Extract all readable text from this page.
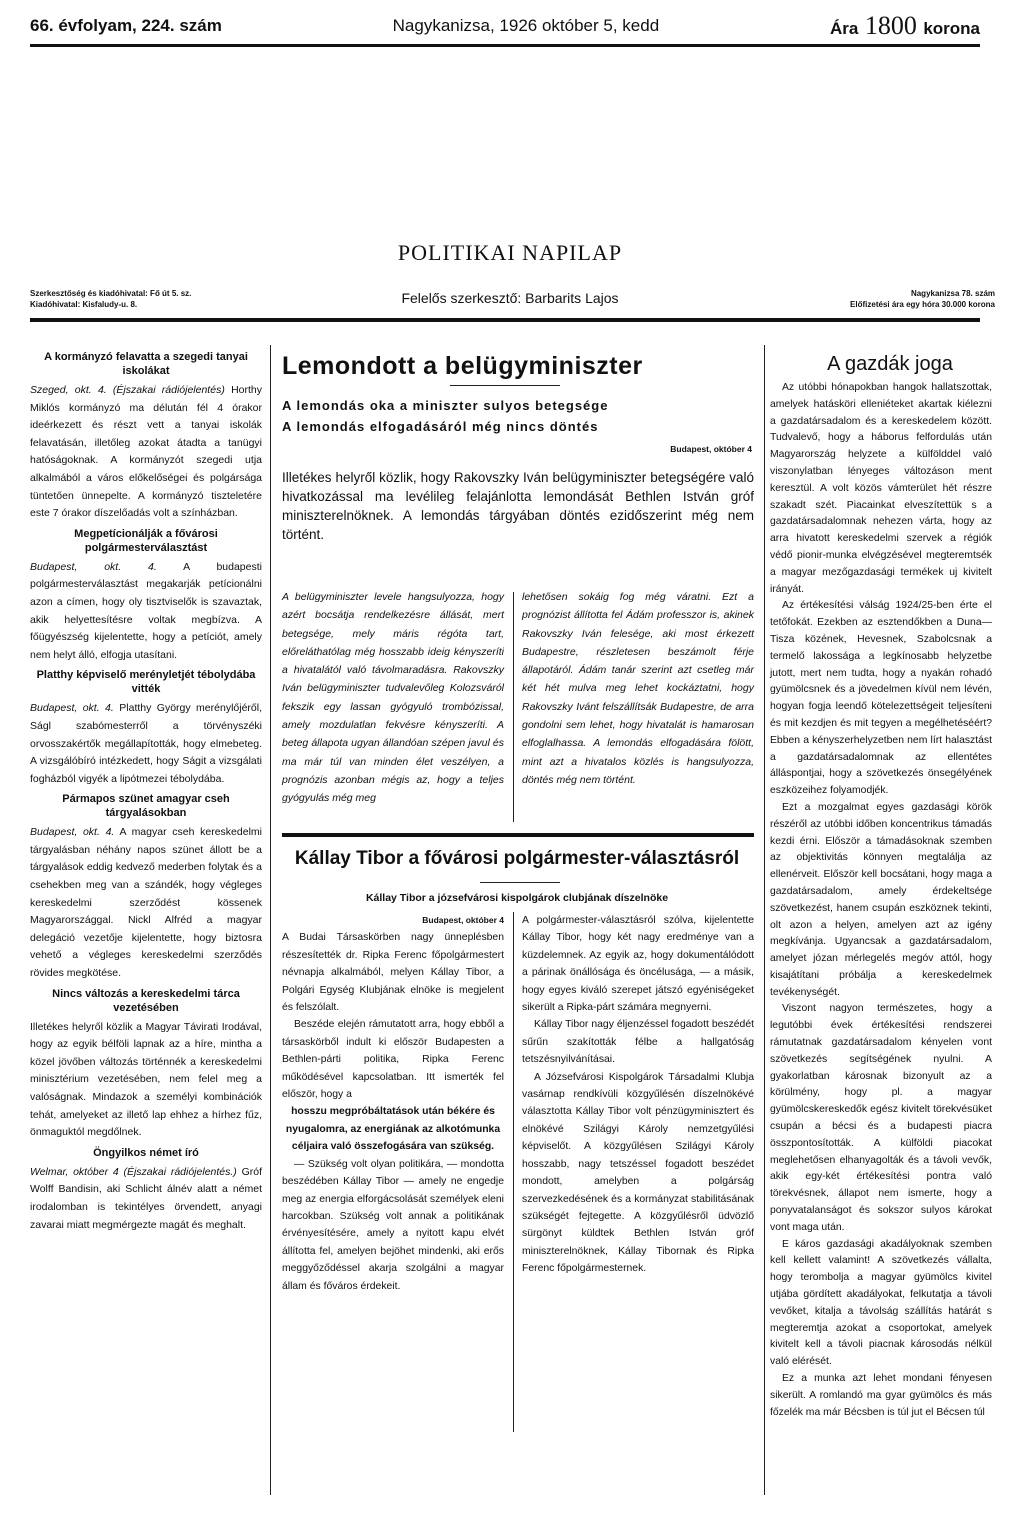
66. évfolyam, 224. szám	Nagykanizsa, 1926 október 5, kedd	Ára 1800 korona
POLITIKAI NAPILAP
Szerkesztőség és kiadóhivatal: Fő út 5. sz.
Kiadóhivatal: Kisfaludy-u. 8.	Felelős szerkesztő: Barbarits Lajos	Nagykanizsa 78. szám
Előfizetési ára egy hóra 30.000 korona
A kormányzó felavatta a szegedi tanyai iskolákat

Szeged, okt. 4. (Éjszakai rádiójelentés) Horthy Miklós kormányzó ma délután fél 4 órakor ideérkezett és részt vett a tanyai iskolák felavatásán, illetőleg azokat átadta a tanügyi hatóságoknak. A kormányzót szegedi utja alkalmából a város előkelőségei és polgársága tüntetően ünnepelte. A kormányzó tiszteletére este 7 órakor díszelőadás volt a színházban.

Megpetícionálják a fővárosi polgármesterválasztást

Budapest, okt. 4.	A budapesti polgármesterválasztást megakarják petícionálni azon a címen, hogy oly tisztviselők is szavaztak, akik helyettesítésre voltak megbízva. A főügyészség kijelentette, hogy a petíciót, amely nem helyt álló, elfogja utasítani.

Platthy képviselő merényletjét tébolydába vitték

Budapest, okt. 4. Platthy György merénylőjéről, Ságl szabómesterről a törvényszéki orvosszakértők megállapították, hogy elmebeteg. A vizsgálóbíró intézkedett, hogy Ságit a vizsgálati fogházból vigyék a lipótmezei tébolydába.

Pármapos szünet amagyar cseh tárgyalásokban

Budapest, okt. 4. A magyar cseh kereskedelmi tárgyalásban néhány napos szünet állott be a tárgyalások eddig kedvező mederben folytak és a csehekben meg van a szándék, hogy végleges kereskedelmi szerződést kössenek Magyarországgal. Nickl Alfréd a magyar delegáció vezetője kijelentette, hogy biztosra vehető a végleges kereskedelmi szerződés rövides megkötése.

Nincs változás a kereskedelmi tárca vezetésében

Illetékes helyről közlik a Magyar Távirati Irodával, hogy az egyik bélföli lapnak az a híre, mintha a közel jövőben változás történnék a kereskedelmi minisztérium vezetésében, nem felel meg a valóságnak. Mindazok a személyi kombinációk tehát, amelyeket az illető lap ehhez a hírhez fűz, önmaguktól megdőlnek.

Öngyilkos német író

Welmar, október 4 (Éjszakai rádiójelentés.) Gróf Wolff Bandisin, aki Schlicht álnév alatt a német irodalomban is tekintélyes örvendett, anyagi zavarai miatt megmérgezte magát és meghalt.

Lemondott a belügyminiszter
A lemondás oka a miniszter sulyos betegsége
A lemondás elfogadásáról még nincs döntés
Budapest, október 4
Illetékes helyről közlik, hogy Rakovszky Iván belügyminiszter betegségére való hivatkozással ma levélileg felajánlotta lemondását Bethlen István gróf miniszterelnöknek. A lemondás tárgyában döntés ezidőszerint még nem történt.
A belügyminiszter levele hangsulyozza, hogy azért bocsátja rendelkezésre állását, mert betegsége, mely máris régóta tart, előreláthatólag még hosszabb ideig kényszeríti a hivatalától való távolmaradásra. Rakovszky Iván belügyminiszter tudvalevőleg Kolozsváról fekszik egy lassan gyógyuló trombózissal, amely mozdulatlan fekvésre kényszeríti. A beteg állapota ugyan állandóan szépen javul és ma már túl van minden élet veszélyen, a prognózis azonban mégis az, hogy a teljes gyógyulás még meg
lehetősen sokáig fog még váratni. Ezt a prognózist állította fel Ádám professzor is, akinek Rakovszky Iván felesége, aki most érkezett Budapestre, részletesen beszámolt férje állapotáról. Ádám tanár szerint azt csetleg már két hét mulva meg lehet kockáztatni, hogy Rakovszky Ivánt felszállítsák Budapestre, de arra gondolni sem lehet, hogy hivatalát is hamarosan elfoglalhassa. A lemondás elfogadására fölött, mint azt a hivatalos közlés is hangsulyozza, döntés még nem történt.
Kállay Tibor a fővárosi polgármester-választásról
Kállay Tibor a józsefvárosi kispolgárok clubjának díszelnöke
Budapest, október 4

A Budai Társaskörben nagy ünneplésben részesítették dr. Ripka Ferenc főpolgármestert névnapja alkalmából, melyen Kállay Tibor, a Polgári Egység Klubjának elnöke is megjelent és felszólalt.

Beszéde elején rámutatott arra, hogy ebből a társaskörből indult ki először Budapesten a Bethlen-párti politika, Ripka Ferenc működésével kapcsolatban. Itt ismerték fel először, hogy a

hosszu megpróbáltatások után békére és nyugalomra, az energiának az alkotómunka céljaira való összefogására van szükség.

— Szükség volt olyan politikára, — mondotta beszédében Kállay Tibor — amely ne engedje meg az energia elforgácsolását személyek eleni harcokban. Szükség volt annak a politikának érvényesítésére, amely a nyitott kapu elvét állította fel, amelyen bejöhet mindenki, aki erős meggyőződéssel akarja szolgálni a magyar állam és főváros érdekeit.

A polgármester-választásról szólva, kijelentette Kállay Tibor, hogy két nagy eredménye van a küzdelemnek. Az egyik az, hogy dokumentálódott a párinak önállósága és öncélusága, — a másik, hogy egyes kiváló szerepet játszó egyéniségeket sikerült a Ripka-párt számára megnyerni.

Kállay Tibor nagy éljenzéssel fogadott beszédét sűrűn szakították félbe a hallgatóság tetszésnyilvánításai.

A Józsefvárosi Kispolgárok Társadalmi Klubja vasárnap rendkívüli közgyűlésén díszelnökévé választotta Kállay Tibor volt pénzügyminisztert és elnökévé Szilágyi Károly nemzetgyűlési képviselőt. A közgyűlésen Szilágyi Károly hosszabb, nagy tetszéssel fogadott beszédet mondott, amelyben a polgárság szervezkedésének és a kormányzat stabilitásának szükségét fejtegette. A közgyűlésről üdvözlő sürgönyt küldtek Bethlen István gróf miniszterelnöknek, Kállay Tibornak és Ripka Ferenc főpolgármesternek.

A gazdák joga

Az utóbbi hónapokban hangok hallatszottak, amelyek hatásköri elleniéteket akartak kiélezni a gazdatársadalom és a kereskedelem között. Tudvalevő, hogy a háborus felfordulás után Magyarország helyzete a külfölddel való viszonylatban lényeges változáson ment keresztül. A volt közös vámterület hét részre szakadt szét. Piacainkat elveszítettük s a gazdatársadalomnak nehezen várta, hogy az arra hivatott kereskedelmi szervek a régiók védő pionir-munka elvégzésével megteremtsék a magyar mezőgazdasági termékek uj kivitelt irányát.

Az értékesítési válság 1924/25-ben érte el tetőfokát. Ezekben az esztendőkben a Duna—Tisza közének, Hevesnek, Szabolcsnak a termelő lakossága a legkínosabb helyzetbe jutott, mert nem tudta, hogy a nyakán rohadó gyümölcsnek és a jövedelmen kívül nem lévén, hogyan fogja leendő kötelezettségeit teljesíteni és mit kezdjen és mit tegyen a megélhetéséért? Ebben a kényszerhelyzetben nem lírt halasztást a gazdatársadalomnak az ellentétes álláspontjai, hogy a szövetkezés önsegélyének eszközeihez folyamodjék.

Ezt a mozgalmat egyes gazdasági körök részéről az utóbbi időben koncentrikus támadás kezdi érni. Először a támadásoknak szemben az objektivitás könnyen megtalálja az ellenérveit. Először kell bocsátani, hogy maga a gazdatársadalom, amely érdekeltsége szövetkezést, hanem csupán eszköznek tekinti, olt azon a helyen, amelyen azt az igény megkívánja. Ugyancsak a gazdatársadalom, amelyet józan mérlegelés megóv attól, hogy kisajátítani próbálja a kereskedelmek tevékenységét.

Viszont nagyon természetes, hogy a legutóbbi évek értékesítési rendszerei rámutatnak gazdatársadalom kényelen vont szövetkezés segítségének nyulni. A gyakorlatban károsnak bizonyult az a körülmény, hogy pl. a magyar gyümölcskereskedők egész kivitelt törekvésüket csupán a bécsi és a budapesti piacra összpontosították. A külföldi piacokat meglehetősen elhanyagolták és a távoli vevők, akik egy-két értékesítési pontra való törekvésnek, állapot nem ismerte, hogy a ponyvatalanságot és sokszor sulyos károkat vont maga után.

E káros gazdasági akadályoknak szemben kell kellett valamint! A szövetkezés vállalta, hogy terombolja a magyar gyümölcs kivitel utjába gördített akadályokat, felkutatja a távoli vevőket, kitalja a távolság szállítás határát s megteremtja azokat a csoportokat, amelyek kivitelt kell a távoli piacnak károsodás nélkül való elérését.

Ez a munka azt lehet mondani fényesen sikerült. A romlandó ma gyar gyümölcs és más főzelék ma már Bécsben is túl jut el Bécsen túl
